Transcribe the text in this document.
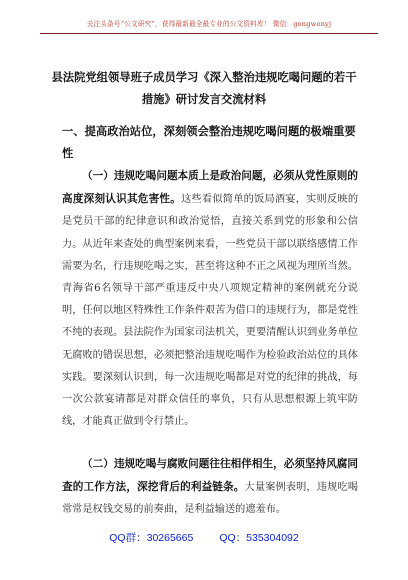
关注头条号“公文研究”，获得最新最全最专业的公文资料库！ 微信：gongwenyj
县法院党组领导班子成员学习《深入整治违规吃喝问题的若干措施》研讨发言交流材料
一、提高政治站位，深刻领会整治违规吃喝问题的极端重要性
（一）违规吃喝问题本质上是政治问题，必须从党性原则的高度深刻认识其危害性。这些看似简单的饭局酒宴，实则反映的是党员干部的纪律意识和政治觉悟，直接关系到党的形象和公信力。从近年来查处的典型案例来看，一些党员干部以联络感情工作需要为名，行违规吃喝之实，甚至将这种不正之风视为理所当然。青海省6名领导干部严重违反中央八项规定精神的案例就充分说明，任何以地区特殊性工作条件艰苦为借口的违规行为，都是党性不纯的表现。县法院作为国家司法机关，更要清醒认识到业务单位无腐败的错误思想，必须把整治违规吃喝作为检验政治站位的具体实践。要深刻认识到，每一次违规吃喝都是对党的纪律的挑战，每一次公款宴请都是对群众信任的辜负，只有从思想根源上筑牢防线，才能真正做到令行禁止。
（二）违规吃喝与腐败问题往往相伴相生，必须坚持风腐同查的工作方法，深挖背后的利益链条。大量案例表明，违规吃喝常常是权钱交易的前奏曲，是利益输送的遮羞布。
QQ群：30265665 QQ：535304092
